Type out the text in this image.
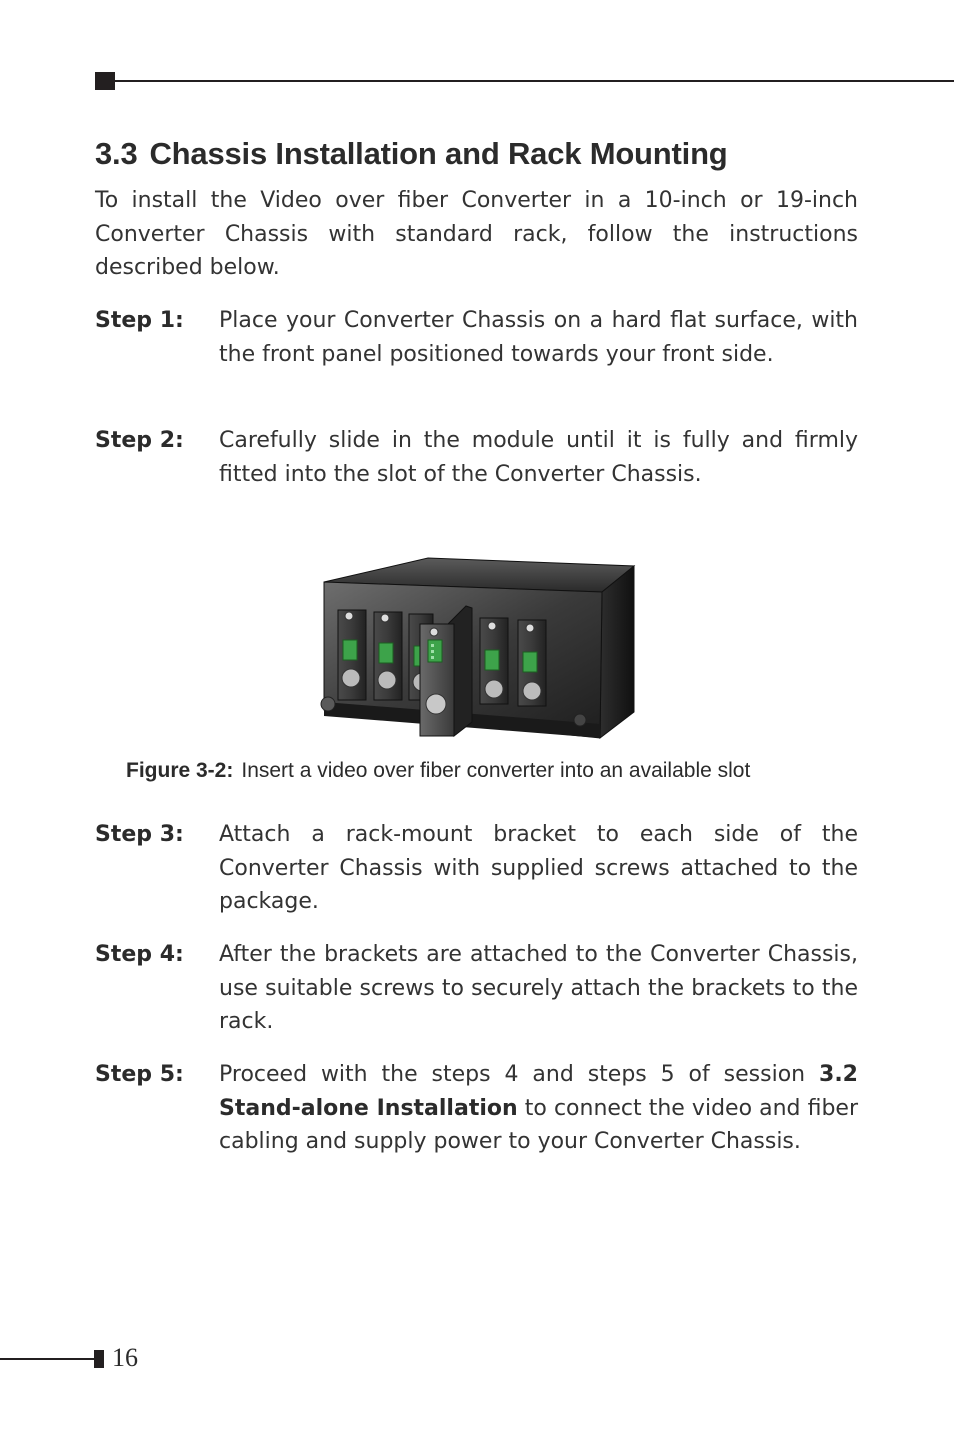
3.3 Chassis Installation and Rack Mounting

To install the Video over fiber Converter in a 10-inch or 19-inch Converter Chassis with standard rack, follow the instructions described below.

Step 1: Place your Converter Chassis on a hard flat surface, with the front panel positioned towards your front side.

Step 2: Carefully slide in the module until it is fully and firmly fitted into the slot of the Converter Chassis.

Figure 3-2: Insert a video over fiber converter into an available slot

Step 3: Attach a rack-mount bracket to each side of the Converter Chassis with supplied screws attached to the package.

Step 4: After the brackets are attached to the Converter Chassis, use suitable screws to securely attach the brackets to the rack.

Step 5: Proceed with the steps 4 and steps 5 of session 3.2 Stand-alone Installation to connect the video and fiber cabling and supply power to your Converter Chassis.

16
